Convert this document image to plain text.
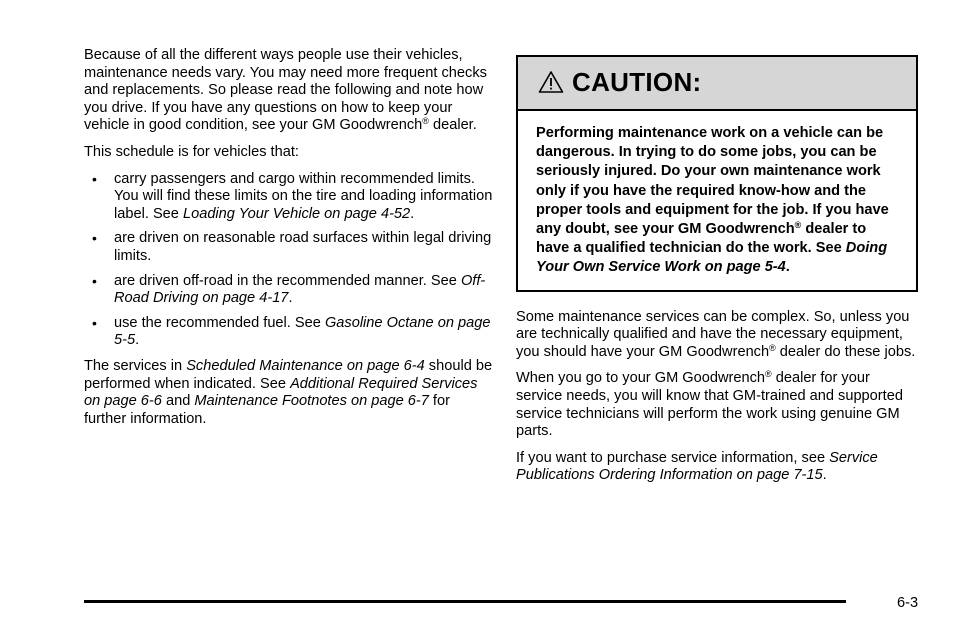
Because of all the different ways people use their vehicles, maintenance needs vary. You may need more frequent checks and replacements. So please read the following and note how you drive. If you have any questions on how to keep your vehicle in good condition, see your GM Goodwrench® dealer.

This schedule is for vehicles that:

• carry passengers and cargo within recommended limits. You will find these limits on the tire and loading information label. See Loading Your Vehicle on page 4-52.
• are driven on reasonable road surfaces within legal driving limits.
• are driven off-road in the recommended manner. See Off-Road Driving on page 4-17.
• use the recommended fuel. See Gasoline Octane on page 5-5.

The services in Scheduled Maintenance on page 6-4 should be performed when indicated. See Additional Required Services on page 6-6 and Maintenance Footnotes on page 6-7 for further information.

CAUTION:
Performing maintenance work on a vehicle can be dangerous. In trying to do some jobs, you can be seriously injured. Do your own maintenance work only if you have the required know-how and the proper tools and equipment for the job. If you have any doubt, see your GM Goodwrench® dealer to have a qualified technician do the work. See Doing Your Own Service Work on page 5-4.

Some maintenance services can be complex. So, unless you are technically qualified and have the necessary equipment, you should have your GM Goodwrench® dealer do these jobs.

When you go to your GM Goodwrench® dealer for your service needs, you will know that GM-trained and supported service technicians will perform the work using genuine GM parts.

If you want to purchase service information, see Service Publications Ordering Information on page 7-15.

6-3
